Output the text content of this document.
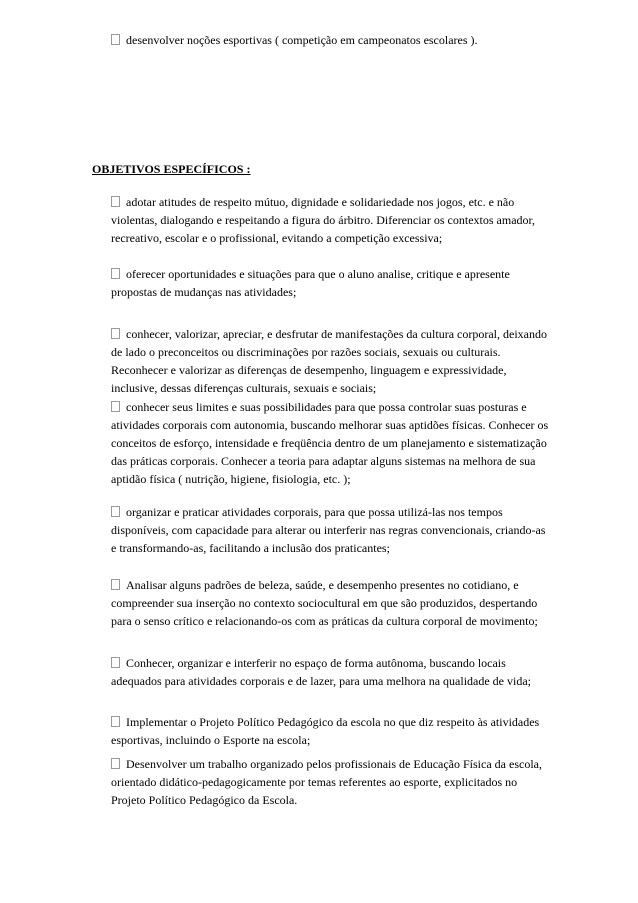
desenvolver noções esportivas ( competição em campeonatos escolares ).
OBJETIVOS ESPECÍFICOS :

adotar atitudes de respeito mútuo, dignidade e solidariedade nos jogos, etc. e não violentas, dialogando e respeitando a figura do árbitro. Diferenciar os contextos amador, recreativo, escolar e o profissional, evitando a competição excessiva;

oferecer oportunidades e situações para que o aluno analise, critique e apresente propostas de mudanças nas atividades;

conhecer, valorizar, apreciar, e desfrutar de manifestações da cultura corporal, deixando de lado o preconceitos ou discriminações por razões sociais, sexuais ou culturais. Reconhecer e valorizar as diferenças de desempenho, linguagem e expressividade, inclusive, dessas diferenças culturais, sexuais e sociais;

conhecer seus limites e suas possibilidades para que possa controlar suas posturas e atividades corporais com autonomia, buscando melhorar suas aptidões físicas. Conhecer os conceitos de esforço, intensidade e freqüência dentro de um planejamento e sistematização das práticas corporais. Conhecer a teoria para adaptar alguns sistemas na melhora de sua aptidão física ( nutrição, higiene, fisiologia, etc. );

organizar e praticar atividades corporais, para que possa utilizá-las nos tempos disponíveis, com capacidade para alterar ou interferir nas regras convencionais, criando-as e transformando-as, facilitando a inclusão dos praticantes;

Analisar alguns padrões de beleza, saúde, e desempenho presentes no cotidiano, e compreender sua inserção no contexto sociocultural em que são produzidos, despertando para o senso crítico e relacionando-os com as práticas da cultura corporal de movimento;

Conhecer, organizar e interferir no espaço de forma autônoma, buscando locais adequados para atividades corporais e de lazer, para uma melhora na qualidade de vida;

Implementar o Projeto Político Pedagógico da escola no que diz respeito às atividades esportivas, incluindo o Esporte na escola;

Desenvolver um trabalho organizado pelos profissionais de Educação Física da escola, orientado didático-pedagogicamente por temas referentes ao esporte, explicitados no Projeto Político Pedagógico da Escola.
